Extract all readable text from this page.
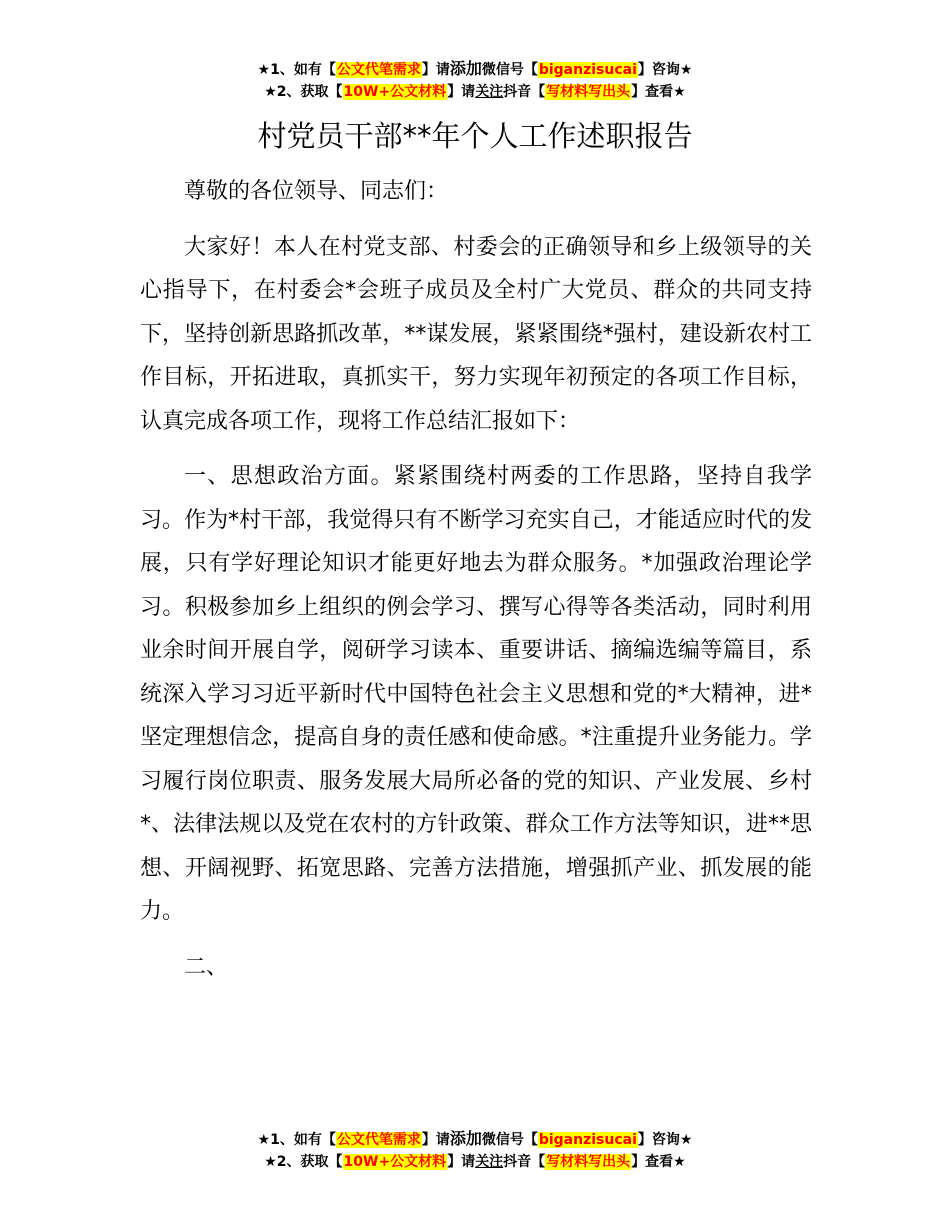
★1、如有【公文代笔需求】请添加微信号【biganzisucai】咨询★
★2、获取【10W+公文材料】请关注抖音【写材料写出头】查看★
村党员干部**年个人工作述职报告

尊敬的各位领导、同志们：

大家好！本人在村党支部、村委会的正确领导和乡上级领导的关心指导下，在村委会*会班子成员及全村广大党员、群众的共同支持下，坚持创新思路抓改革，**谋发展，紧紧围绕*强村，建设新农村工作目标，开拓进取，真抓实干，努力实现年初预定的各项工作目标，认真完成各项工作，现将工作总结汇报如下：

一、思想政治方面。紧紧围绕村两委的工作思路，坚持自我学习。作为*村干部，我觉得只有不断学习充实自己，才能适应时代的发展，只有学好理论知识才能更好地去为群众服务。*加强政治理论学习。积极参加乡上组织的例会学习、撰写心得等各类活动，同时利用业余时间开展自学，阅研学习读本、重要讲话、摘编选编等篇目，系统深入学习习近平新时代中国特色社会主义思想和党的*大精神，进*坚定理想信念，提高自身的责任感和使命感。*注重提升业务能力。学习履行岗位职责、服务发展大局所必备的党的知识、产业发展、乡村*、法律法规以及党在农村的方针政策、群众工作方法等知识，进**思想、开阔视野、拓宽思路、完善方法措施，增强抓产业、抓发展的能力。

二、

★1、如有【公文代笔需求】请添加微信号【biganzisucai】咨询★
★2、获取【10W+公文材料】请关注抖音【写材料写出头】查看★
